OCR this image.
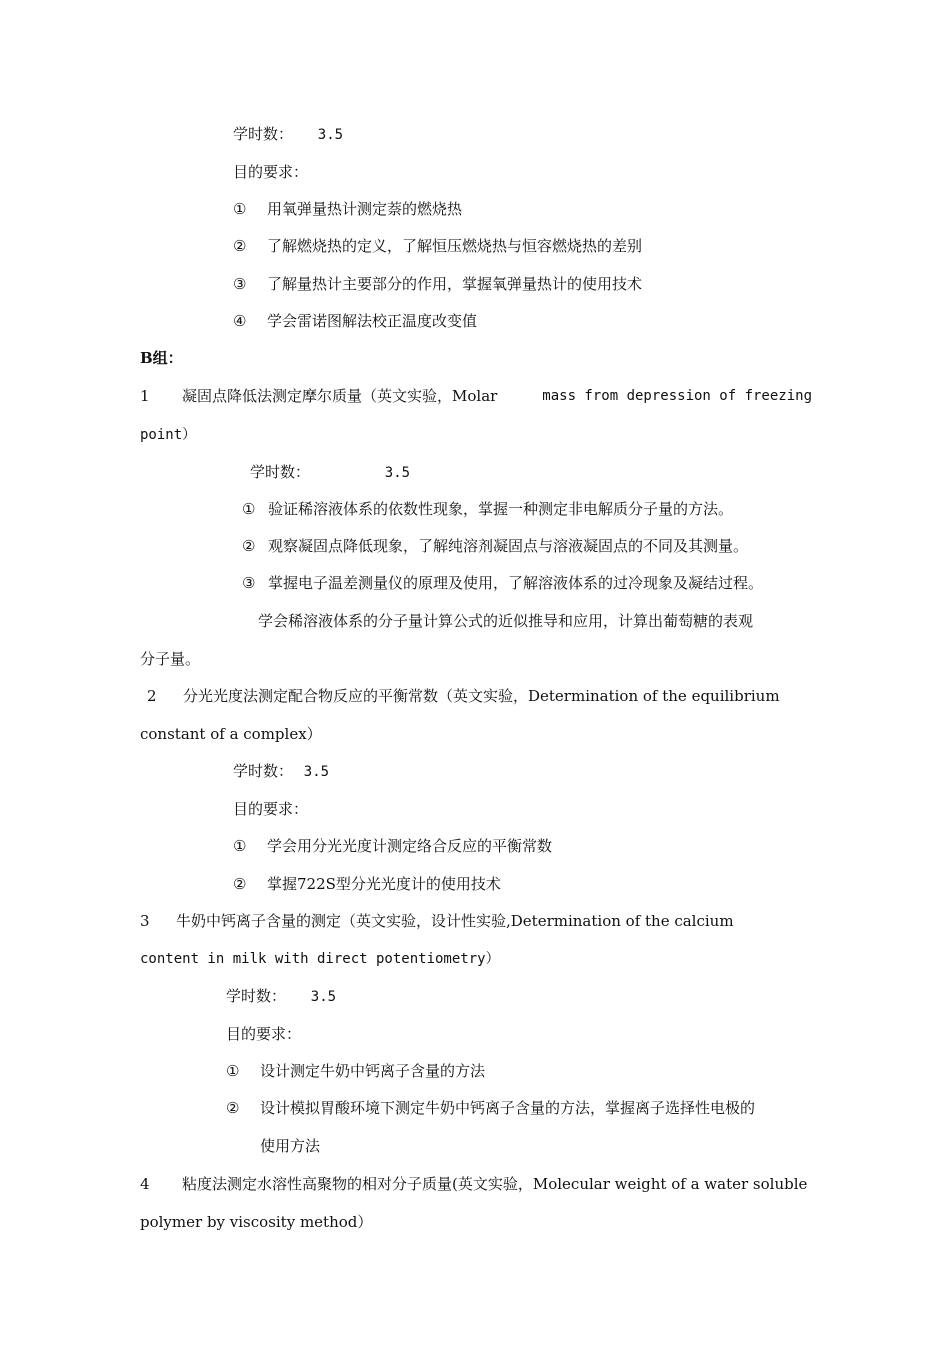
学时数： 3.5
目的要求：
① 用氧弹量热计测定萘的燃烧热
② 了解燃烧热的定义，了解恒压燃烧热与恒容燃烧热的差别
③ 了解量热计主要部分的作用，掌握氧弹量热计的使用技术
④ 学会雷诺图解法校正温度改变值
B组：
1 凝固点降低法测定摩尔质量（英文实验，Molar	mass from depression of freezing
point）
学时数：	3.5
① 验证稀溶液体系的依数性现象，掌握一种测定非电解质分子量的方法。
② 观察凝固点降低现象，了解纯溶剂凝固点与溶液凝固点的不同及其测量。
③ 掌握电子温差测量仪的原理及使用，了解溶液体系的过冷现象及凝结过程。
学会稀溶液体系的分子量计算公式的近似推导和应用，计算出葡萄糖的表观
分子量。
2 分光光度法测定配合物反应的平衡常数（英文实验，Determination of the equilibrium
constant of a complex）
学时数： 3.5
目的要求：
① 学会用分光光度计测定络合反应的平衡常数
② 掌握722S型分光光度计的使用技术
3 牛奶中钙离子含量的测定（英文实验，设计性实验,Determination of the calcium
content in milk with direct potentiometry）
学时数： 3.5
目的要求：
① 设计测定牛奶中钙离子含量的方法
② 设计模拟胃酸环境下测定牛奶中钙离子含量的方法，掌握离子选择性电极的
使用方法
4 粘度法测定水溶性高聚物的相对分子质量(英文实验，Molecular weight of a water soluble
polymer by viscosity method）
